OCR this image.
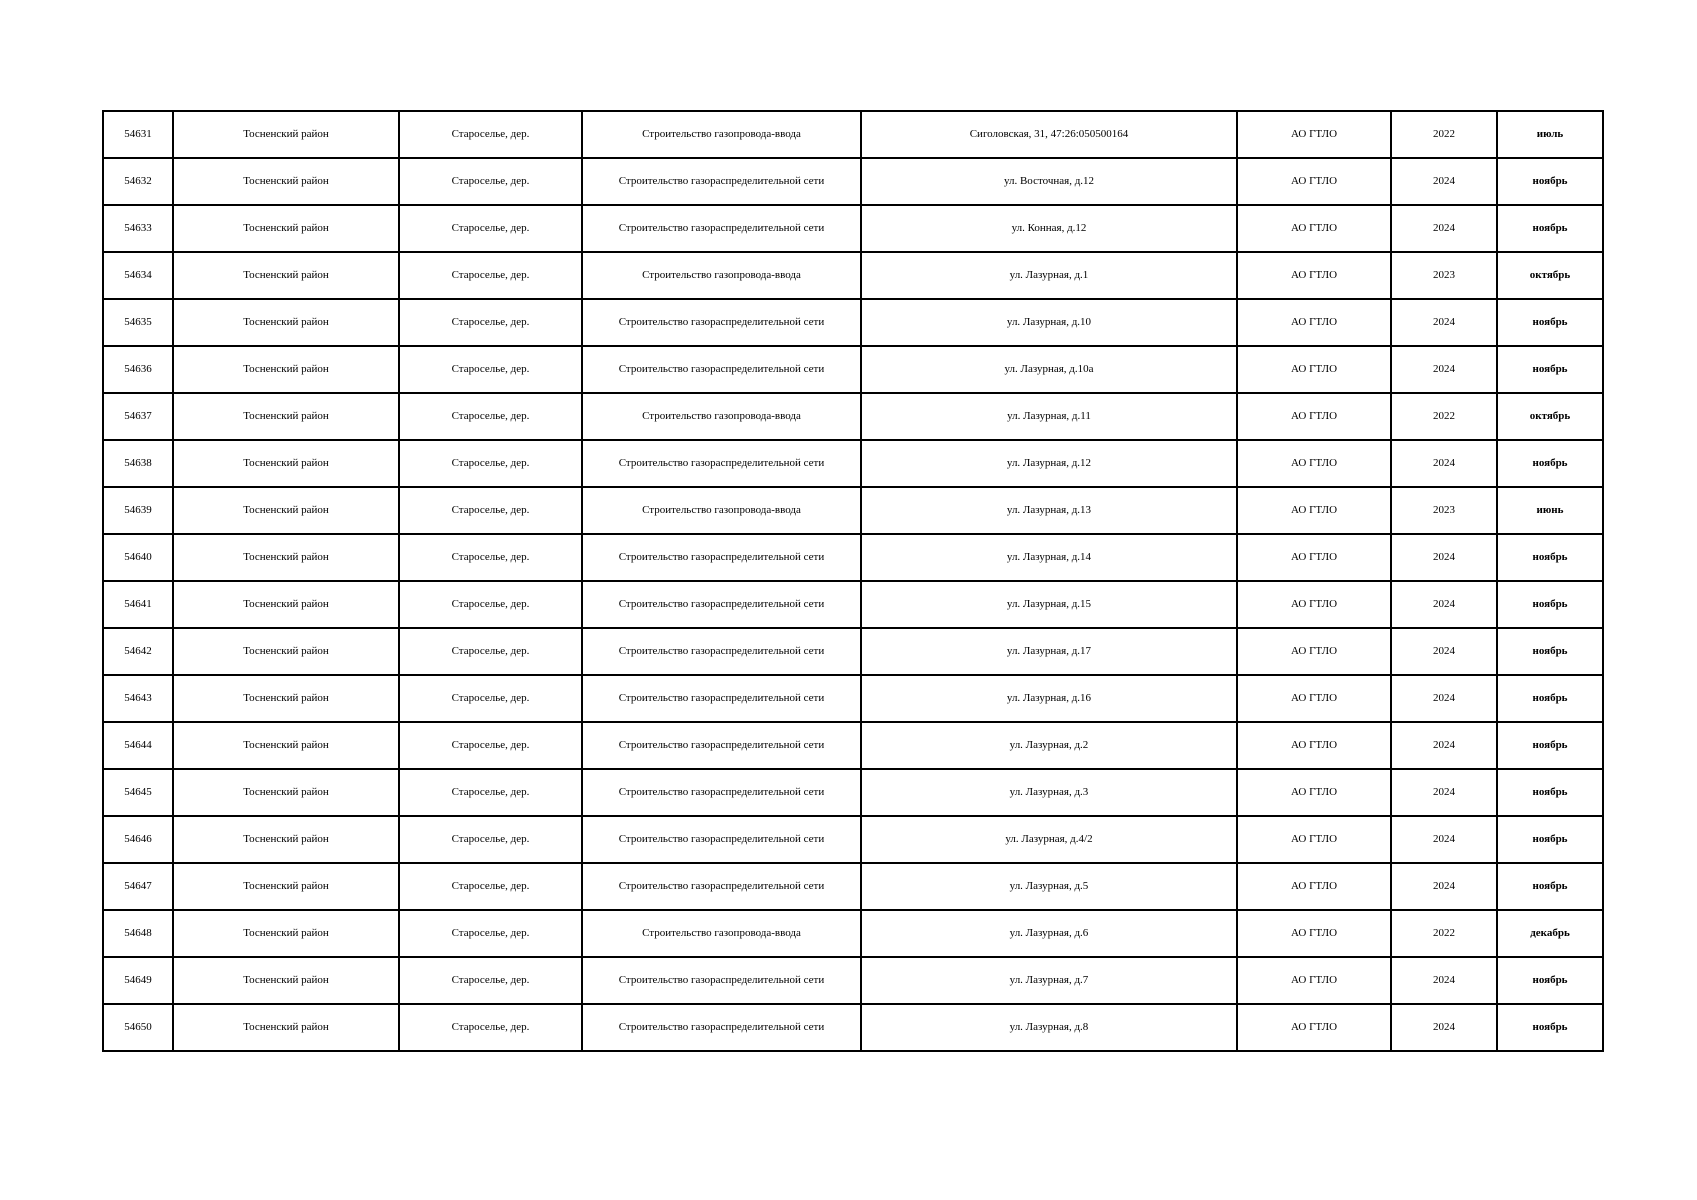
54631	Тосненский район	Староселье, дер.	Строительство газопровода-ввода	Сиголовская, 31, 47:26:050500164	АО ГТЛО	2022	июль
54632	Тосненский район	Староселье, дер.	Строительство газораспределительной сети	ул. Восточная, д.12	АО ГТЛО	2024	ноябрь
54633	Тосненский район	Староселье, дер.	Строительство газораспределительной сети	ул. Конная, д.12	АО ГТЛО	2024	ноябрь
54634	Тосненский район	Староселье, дер.	Строительство газопровода-ввода	ул. Лазурная, д.1	АО ГТЛО	2023	октябрь
54635	Тосненский район	Староселье, дер.	Строительство газораспределительной сети	ул. Лазурная, д.10	АО ГТЛО	2024	ноябрь
54636	Тосненский район	Староселье, дер.	Строительство газораспределительной сети	ул. Лазурная, д.10а	АО ГТЛО	2024	ноябрь
54637	Тосненский район	Староселье, дер.	Строительство газопровода-ввода	ул. Лазурная, д.11	АО ГТЛО	2022	октябрь
54638	Тосненский район	Староселье, дер.	Строительство газораспределительной сети	ул. Лазурная, д.12	АО ГТЛО	2024	ноябрь
54639	Тосненский район	Староселье, дер.	Строительство газопровода-ввода	ул. Лазурная, д.13	АО ГТЛО	2023	июнь
54640	Тосненский район	Староселье, дер.	Строительство газораспределительной сети	ул. Лазурная, д.14	АО ГТЛО	2024	ноябрь
54641	Тосненский район	Староселье, дер.	Строительство газораспределительной сети	ул. Лазурная, д.15	АО ГТЛО	2024	ноябрь
54642	Тосненский район	Староселье, дер.	Строительство газораспределительной сети	ул. Лазурная, д.17	АО ГТЛО	2024	ноябрь
54643	Тосненский район	Староселье, дер.	Строительство газораспределительной сети	ул. Лазурная, д.16	АО ГТЛО	2024	ноябрь
54644	Тосненский район	Староселье, дер.	Строительство газораспределительной сети	ул. Лазурная, д.2	АО ГТЛО	2024	ноябрь
54645	Тосненский район	Староселье, дер.	Строительство газораспределительной сети	ул. Лазурная, д.3	АО ГТЛО	2024	ноябрь
54646	Тосненский район	Староселье, дер.	Строительство газораспределительной сети	ул. Лазурная, д.4/2	АО ГТЛО	2024	ноябрь
54647	Тосненский район	Староселье, дер.	Строительство газораспределительной сети	ул. Лазурная, д.5	АО ГТЛО	2024	ноябрь
54648	Тосненский район	Староселье, дер.	Строительство газопровода-ввода	ул. Лазурная, д.6	АО ГТЛО	2022	декабрь
54649	Тосненский район	Староселье, дер.	Строительство газораспределительной сети	ул. Лазурная, д.7	АО ГТЛО	2024	ноябрь
54650	Тосненский район	Староселье, дер.	Строительство газораспределительной сети	ул. Лазурная, д.8	АО ГТЛО	2024	ноябрь
